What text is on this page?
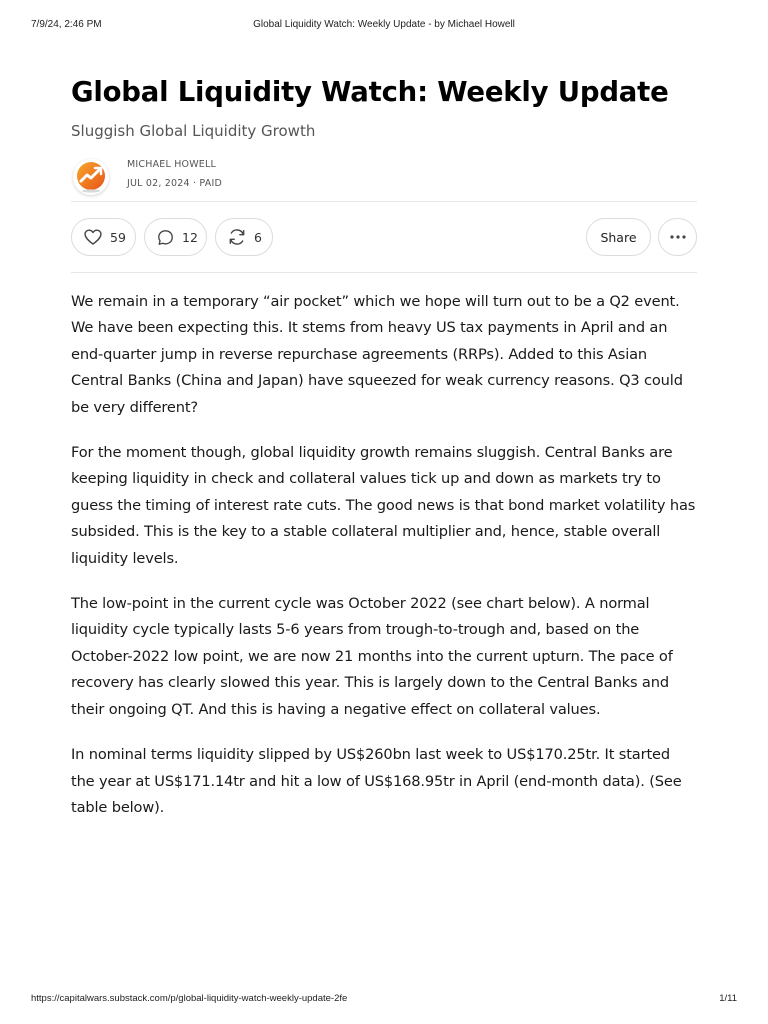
7/9/24, 2:46 PM	Global Liquidity Watch: Weekly Update - by Michael Howell
Global Liquidity Watch: Weekly Update
Sluggish Global Liquidity Growth
MICHAEL HOWELL
JUL 02, 2024 · PAID
59	12	6	Share

We remain in a temporary “air pocket” which we hope will turn out to be a Q2 event. We have been expecting this. It stems from heavy US tax payments in April and an end-quarter jump in reverse repurchase agreements (RRPs). Added to this Asian Central Banks (China and Japan) have squeezed for weak currency reasons. Q3 could be very different?

For the moment though, global liquidity growth remains sluggish. Central Banks are keeping liquidity in check and collateral values tick up and down as markets try to guess the timing of interest rate cuts. The good news is that bond market volatility has subsided. This is the key to a stable collateral multiplier and, hence, stable overall liquidity levels.

The low-point in the current cycle was October 2022 (see chart below). A normal liquidity cycle typically lasts 5-6 years from trough-to-trough and, based on the October-2022 low point, we are now 21 months into the current upturn. The pace of recovery has clearly slowed this year. This is largely down to the Central Banks and their ongoing QT. And this is having a negative effect on collateral values.

In nominal terms liquidity slipped by US$260bn last week to US$170.25tr. It started the year at US$171.14tr and hit a low of US$168.95tr in April (end-month data). (See table below).

https://capitalwars.substack.com/p/global-liquidity-watch-weekly-update-2fe	1/11
